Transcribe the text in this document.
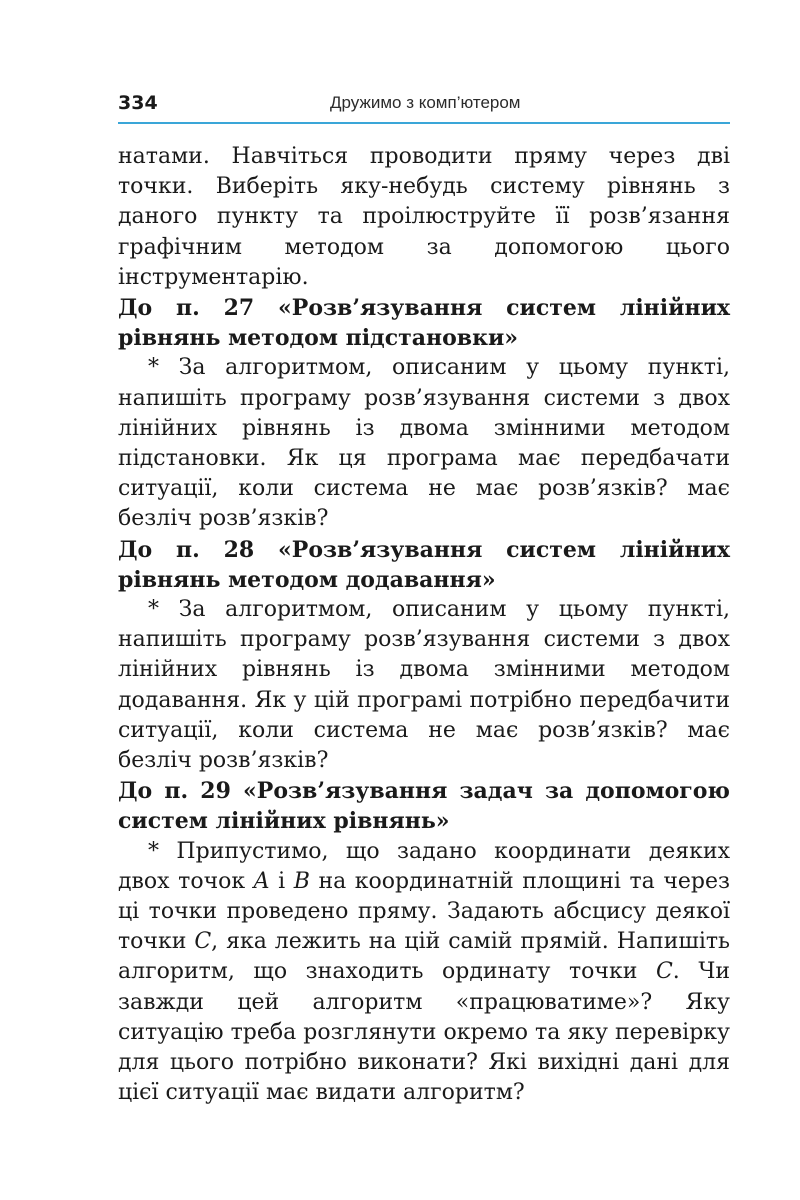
334	Дружимо з комп’ютером

натами. Навчіться проводити пряму через дві точки. Виберіть яку-небудь систему рівнянь з даного пункту та проілюструйте її розв’язання графічним методом за допомогою цього інструментарію.

До п. 27 «Розв’язування систем лінійних рівнянь методом підстановки»

* За алгоритмом, описаним у цьому пункті, напишіть програму розв’язування системи з двох лінійних рівнянь із двома змінними методом підстановки. Як ця програма має передбачати ситуації, коли система не має розв’язків? має безліч розв’язків?

До п. 28 «Розв’язування систем лінійних рівнянь методом додавання»

* За алгоритмом, описаним у цьому пункті, напишіть програму розв’язування системи з двох лінійних рівнянь із двома змінними методом додавання. Як у цій програмі потрібно передбачити ситуації, коли система не має розв’язків? має безліч розв’язків?

До п. 29 «Розв’язування задач за допомогою систем лінійних рівнянь»

* Припустимо, що задано координати деяких двох точок A і B на координатній площині та через ці точки проведено пряму. Задають абсцису деякої точки C, яка лежить на цій самій прямій. Напишіть алгоритм, що знаходить ординату точки C. Чи завжди цей алгоритм «працюватиме»? Яку ситуацію треба розглянути окремо та яку перевірку для цього потрібно виконати? Які вихідні дані для цієї ситуації має видати алгоритм?
